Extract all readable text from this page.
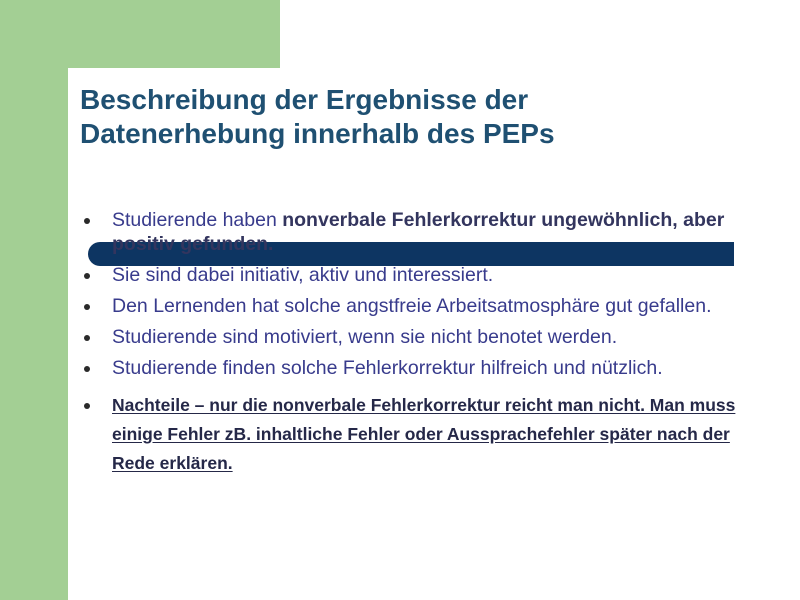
Beschreibung der Ergebnisse der Datenerhebung innerhalb des PEPs
Studierende haben nonverbale Fehlerkorrektur ungewöhnlich, aber positiv gefunden.
Sie sind dabei initiativ, aktiv und interessiert.
Den Lernenden hat solche angstfreie Arbeitsatmosphäre gut gefallen.
Studierende sind motiviert, wenn sie nicht benotet werden.
Studierende finden solche Fehlerkorrektur hilfreich und nützlich.
Nachteile – nur die nonverbale Fehlerkorrektur reicht man nicht. Man muss einige Fehler zB. inhaltliche Fehler oder Aussprachefehler später nach der Rede erklären.
